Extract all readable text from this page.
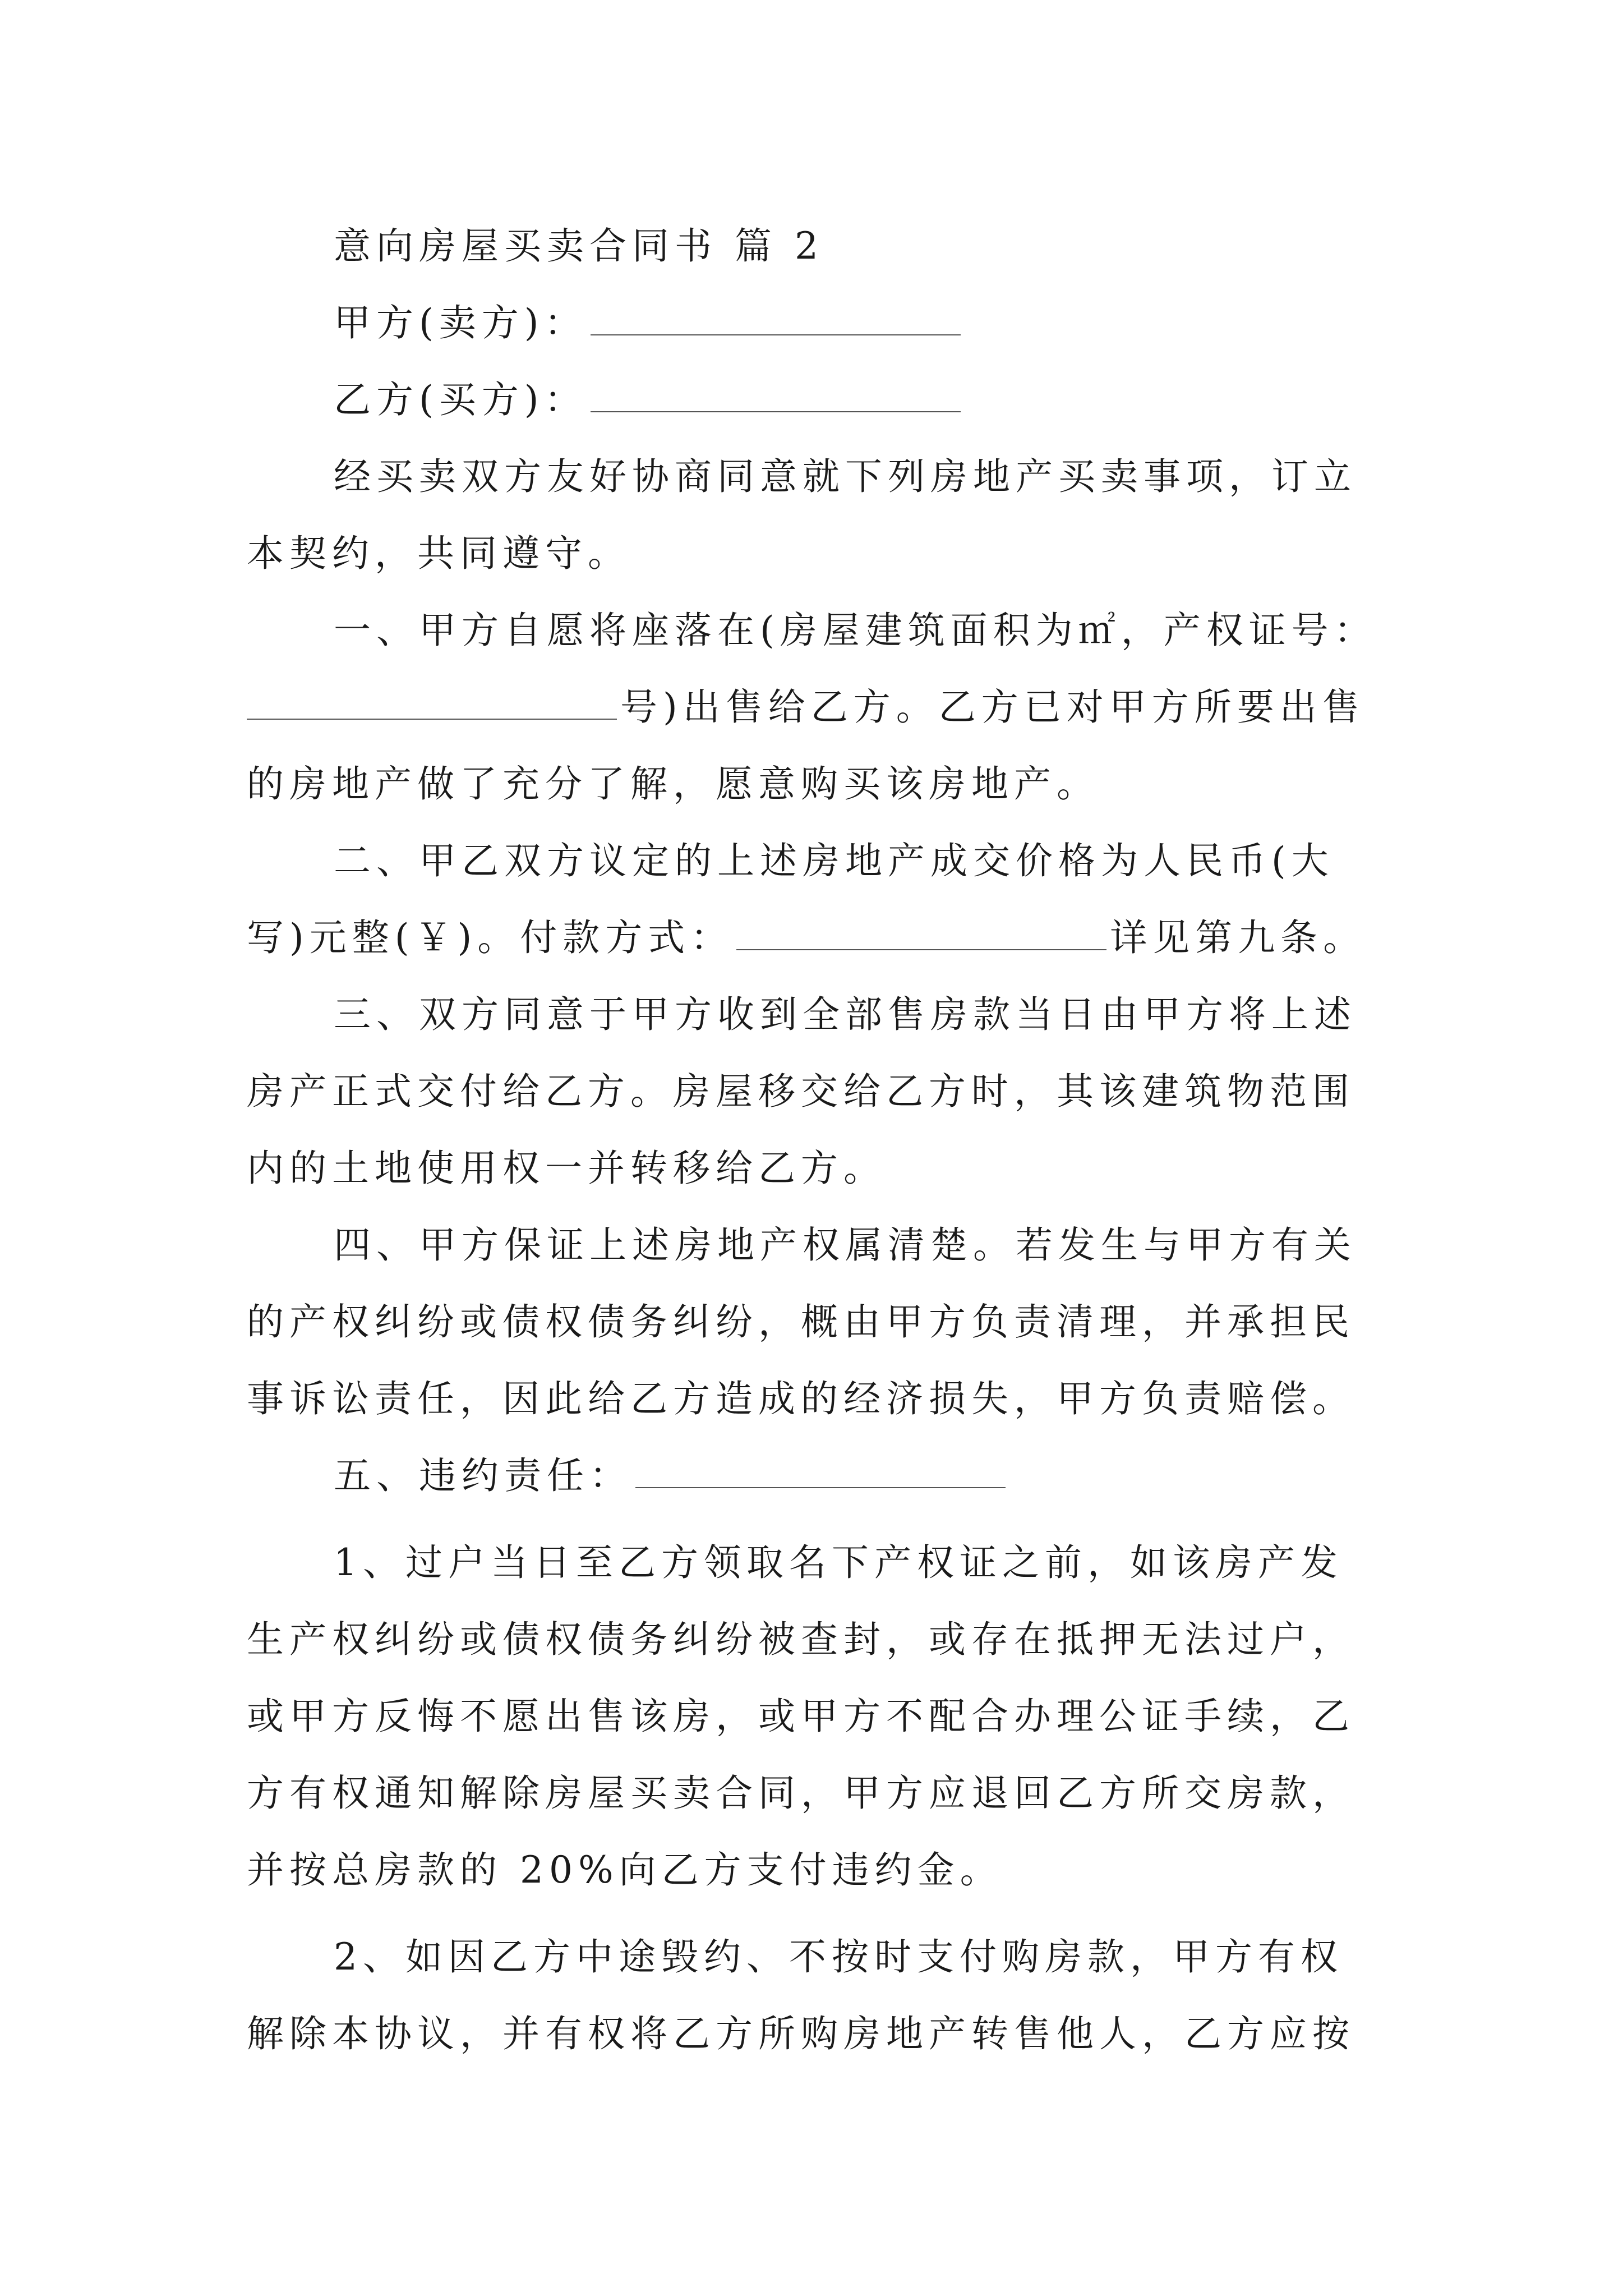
意向房屋买卖合同书 篇 2
甲方(卖方)：
乙方(买方)：
经买卖双方友好协商同意就下列房地产买卖事项，订立
本契约，共同遵守。
一、甲方自愿将座落在(房屋建筑面积为㎡，产权证号：
号)出售给乙方。乙方已对甲方所要出售
的房地产做了充分了解，愿意购买该房地产。
二、甲乙双方议定的上述房地产成交价格为人民币(大
写)元整(￥)。付款方式：	详见第九条。
三、双方同意于甲方收到全部售房款当日由甲方将上述
房产正式交付给乙方。房屋移交给乙方时，其该建筑物范围
内的土地使用权一并转移给乙方。
四、甲方保证上述房地产权属清楚。若发生与甲方有关
的产权纠纷或债权债务纠纷，概由甲方负责清理，并承担民
事诉讼责任，因此给乙方造成的经济损失，甲方负责赔偿。
五、违约责任：
1、过户当日至乙方领取名下产权证之前，如该房产发
生产权纠纷或债权债务纠纷被查封，或存在抵押无法过户，
或甲方反悔不愿出售该房，或甲方不配合办理公证手续，乙
方有权通知解除房屋买卖合同，甲方应退回乙方所交房款，
并按总房款的 20%向乙方支付违约金。
2、如因乙方中途毁约、不按时支付购房款，甲方有权
解除本协议，并有权将乙方所购房地产转售他人，乙方应按
